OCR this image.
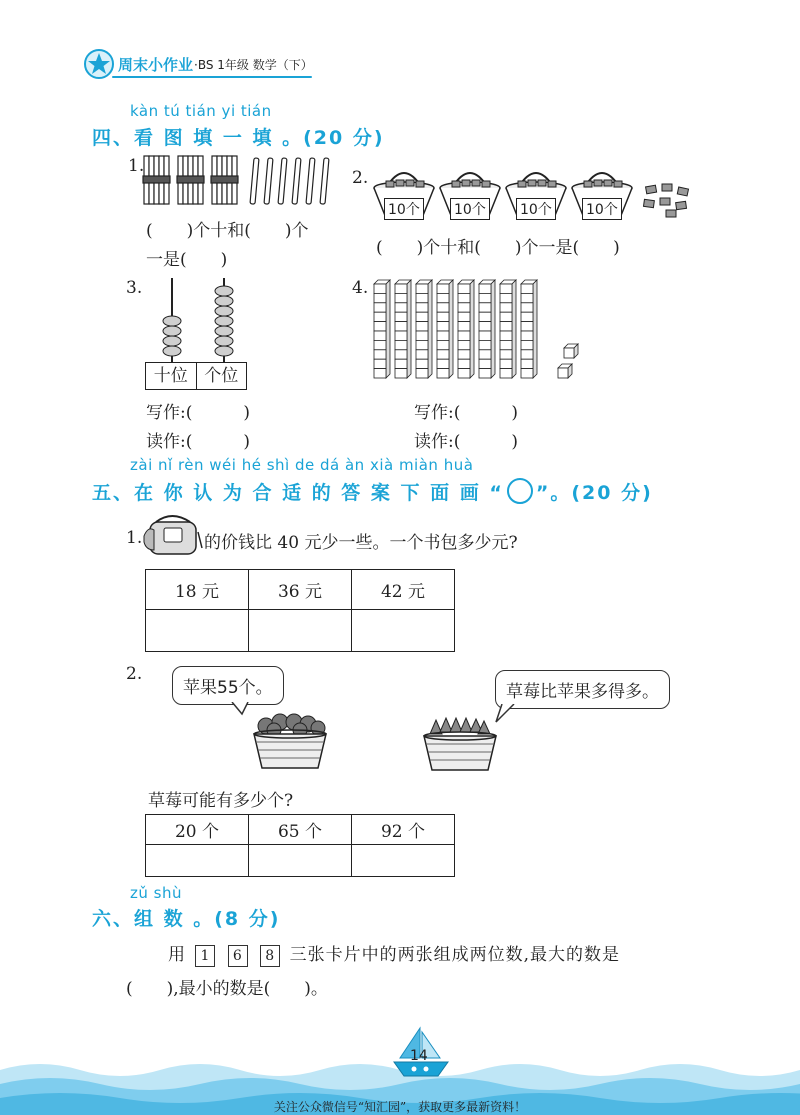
周末小作业 ·BS 1年级 数学（下）
kàn tú tián yi tián
四、看 图 填 一 填 。(20 分)
1.
(　　)个十和(　　)个
一是(　　)
2.
10个 10个 10个 10个
(　　)个十和(　　)个一是(　　)
3.
十位 个位
写作:(　　　)
读作:(　　　)
4.
写作:(　　　)
读作:(　　　)
zài nǐ rèn wéi hé shì de dá àn xià miàn huà
五、在 你 认 为 合 适 的 答 案 下 面 画 “ ”。(20 分)
1.	的价钱比 40 元少一些。一个书包多少元?
18 元	36 元	42 元

2.
苹果55个。	草莓比苹果多得多。
草莓可能有多少个?
20 个	65 个	92 个

zǔ shù
六、组 数 。(8 分)
用 1 6 8 三张卡片中的两张组成两位数,最大的数是
(　　),最小的数是(　　)。
14
关注公众微信号“知汇园”，获取更多最新资料！
